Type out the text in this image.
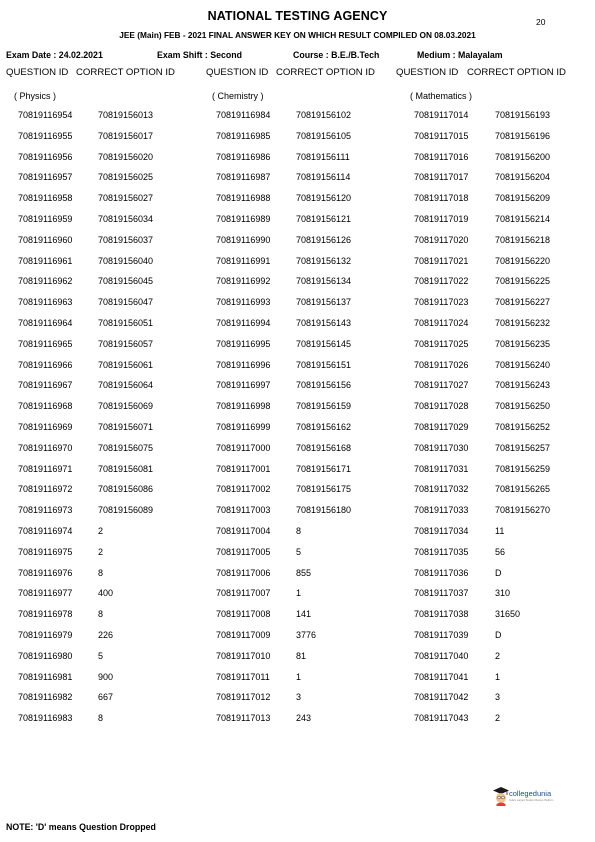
NATIONAL TESTING AGENCY	20
JEE (Main) FEB - 2021 FINAL ANSWER KEY ON WHICH RESULT COMPILED ON 08.03.2021
Exam Date : 24.02.2021	Exam Shift : Second	Course : B.E./B.Tech	Medium : Malayalam
QUESTION ID CORRECT OPTION ID	QUESTION ID CORRECT OPTION ID QUESTION ID CORRECT OPTION ID
( Physics )
70819116954	70819156013
70819116955	70819156017
70819116956	70819156020
70819116957	70819156025
70819116958	70819156027
70819116959	70819156034
70819116960	70819156037
70819116961	70819156040
70819116962	70819156045
70819116963	70819156047
70819116964	70819156051
70819116965	70819156057
70819116966	70819156061
70819116967	70819156064
70819116968	70819156069
70819116969	70819156071
70819116970	70819156075
70819116971	70819156081
70819116972	70819156086
70819116973	70819156089
70819116974	2
70819116975	2
70819116976	8
70819116977	400
70819116978	8
70819116979	226
70819116980	5
70819116981	900
70819116982	667
70819116983	8
( Chemistry )
70819116984	70819156102
70819116985	70819156105
70819116986	70819156111
70819116987	70819156114
70819116988	70819156120
70819116989	70819156121
70819116990	70819156126
70819116991	70819156132
70819116992	70819156134
70819116993	70819156137
70819116994	70819156143
70819116995	70819156145
70819116996	70819156151
70819116997	70819156156
70819116998	70819156159
70819116999	70819156162
70819117000	70819156168
70819117001	70819156171
70819117002	70819156175
70819117003	70819156180
70819117004	8
70819117005	5
70819117006	855
70819117007	1
70819117008	141
70819117009	3776
70819117010	81
70819117011	1
70819117012	3
70819117013	243
( Mathematics )
70819117014	70819156193
70819117015	70819156196
70819117016	70819156200
70819117017	70819156204
70819117018	70819156209
70819117019	70819156214
70819117020	70819156218
70819117021	70819156220
70819117022	70819156225
70819117023	70819156227
70819117024	70819156232
70819117025	70819156235
70819117026	70819156240
70819117027	70819156243
70819117028	70819156250
70819117029	70819156252
70819117030	70819156257
70819117031	70819156259
70819117032	70819156265
70819117033	70819156270
70819117034	11
70819117035	56
70819117036	D
70819117037	310
70819117038	31650
70819117039	D
70819117040	2
70819117041	1
70819117042	3
70819117043	2
collegedunia
India's Largest Student Review Platform
NOTE: 'D' means Question Dropped
